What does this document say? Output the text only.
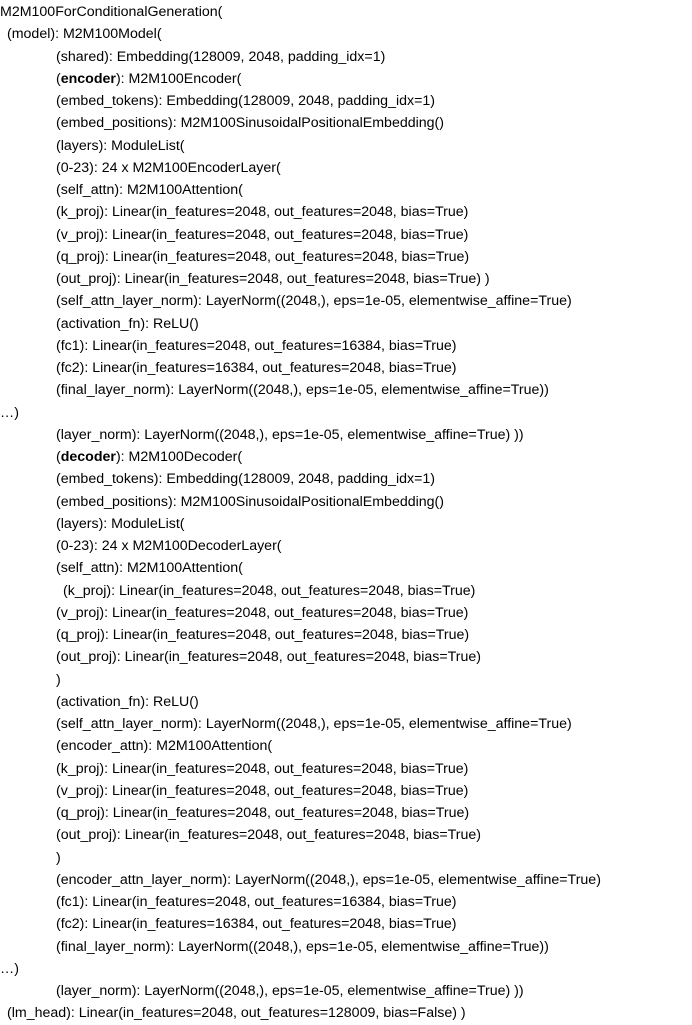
M2M100ForConditionalGeneration(
(model): M2M100Model(
(shared): Embedding(128009, 2048, padding_idx=1)
(encoder): M2M100Encoder(
(embed_tokens): Embedding(128009, 2048, padding_idx=1)
(embed_positions): M2M100SinusoidalPositionalEmbedding()
(layers): ModuleList(
(0-23): 24 x M2M100EncoderLayer(
(self_attn): M2M100Attention(
(k_proj): Linear(in_features=2048, out_features=2048, bias=True)
(v_proj): Linear(in_features=2048, out_features=2048, bias=True)
(q_proj): Linear(in_features=2048, out_features=2048, bias=True)
(out_proj): Linear(in_features=2048, out_features=2048, bias=True) )
(self_attn_layer_norm): LayerNorm((2048,), eps=1e-05, elementwise_affine=True)
(activation_fn): ReLU()
(fc1): Linear(in_features=2048, out_features=16384, bias=True)
(fc2): Linear(in_features=16384, out_features=2048, bias=True)
(final_layer_norm): LayerNorm((2048,), eps=1e-05, elementwise_affine=True))
…)
(layer_norm): LayerNorm((2048,), eps=1e-05, elementwise_affine=True) ))
(decoder): M2M100Decoder(
(embed_tokens): Embedding(128009, 2048, padding_idx=1)
(embed_positions): M2M100SinusoidalPositionalEmbedding()
(layers): ModuleList(
(0-23): 24 x M2M100DecoderLayer(
(self_attn): M2M100Attention(
(k_proj): Linear(in_features=2048, out_features=2048, bias=True)
(v_proj): Linear(in_features=2048, out_features=2048, bias=True)
(q_proj): Linear(in_features=2048, out_features=2048, bias=True)
(out_proj): Linear(in_features=2048, out_features=2048, bias=True)
)
(activation_fn): ReLU()
(self_attn_layer_norm): LayerNorm((2048,), eps=1e-05, elementwise_affine=True)
(encoder_attn): M2M100Attention(
(k_proj): Linear(in_features=2048, out_features=2048, bias=True)
(v_proj): Linear(in_features=2048, out_features=2048, bias=True)
(q_proj): Linear(in_features=2048, out_features=2048, bias=True)
(out_proj): Linear(in_features=2048, out_features=2048, bias=True)
)
(encoder_attn_layer_norm): LayerNorm((2048,), eps=1e-05, elementwise_affine=True)
(fc1): Linear(in_features=2048, out_features=16384, bias=True)
(fc2): Linear(in_features=16384, out_features=2048, bias=True)
(final_layer_norm): LayerNorm((2048,), eps=1e-05, elementwise_affine=True))
…)
(layer_norm): LayerNorm((2048,), eps=1e-05, elementwise_affine=True) ))
(lm_head): Linear(in_features=2048, out_features=128009, bias=False) )
